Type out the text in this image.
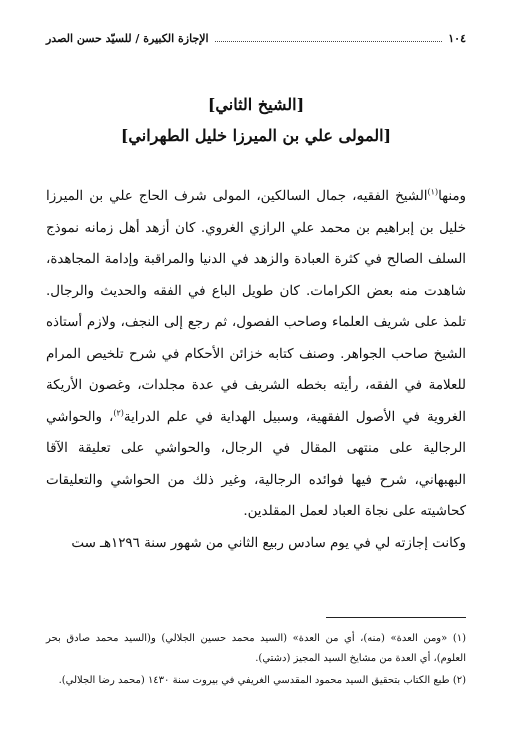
١٠٤
الإجازة الكبيرة / للسيّد حسن الصدر
[الشيخ الثاني]
[المولى علي بن الميرزا خليل الطهراني]

ومنها$^{(١)}$الشيخ الفقيه، جمال السالكين، المولى شرف الحاج علي بن الميرزا خليل بن إبراهيم بن محمد علي الرازي الغروي. كان أزهد أهل زمانه نموذج السلف الصالح في كثرة العبادة والزهد في الدنيا والمراقبة وإدامة المجاهدة، شاهدت منه بعض الكرامات. كان طويل الباع في الفقه والحديث والرجال. تلمذ على شريف العلماء وصاحب الفصول، ثم رجع إلى النجف، ولازم أستاذه الشيخ صاحب الجواهر. وصنف كتابه خزائن الأحكام في شرح تلخيص المرام للعلامة في الفقه، رأيته بخطه الشريف في عدة مجلدات، وغصون الأريكة الغروية في الأصول الفقهية، وسبيل الهداية في علم الدراية$^{(٢)}$، والحواشي الرجالية على منتهى المقال في الرجال، والحواشي على تعليقة الآقا البهبهاني، شرح فيها فوائده الرجالية، وغير ذلك من الحواشي والتعليقات كحاشيته على نجاة العباد لعمل المقلدين.

وكانت إجازته لي في يوم سادس ربيع الثاني من شهور سنة ١٢٩٦هـ ست

(١) «ومن العدة» (منه)، أي من العدة» (السيد محمد حسين الجلالي) و(السيد محمد صادق بحر العلوم)، أي العدة من مشايخ السيد المجيز (دشتي).

(٢) طبع الكتاب بتحقيق السيد محمود المقدسي الغريفي في بيروت سنة ١٤٣٠ (محمد رضا الجلالي).
